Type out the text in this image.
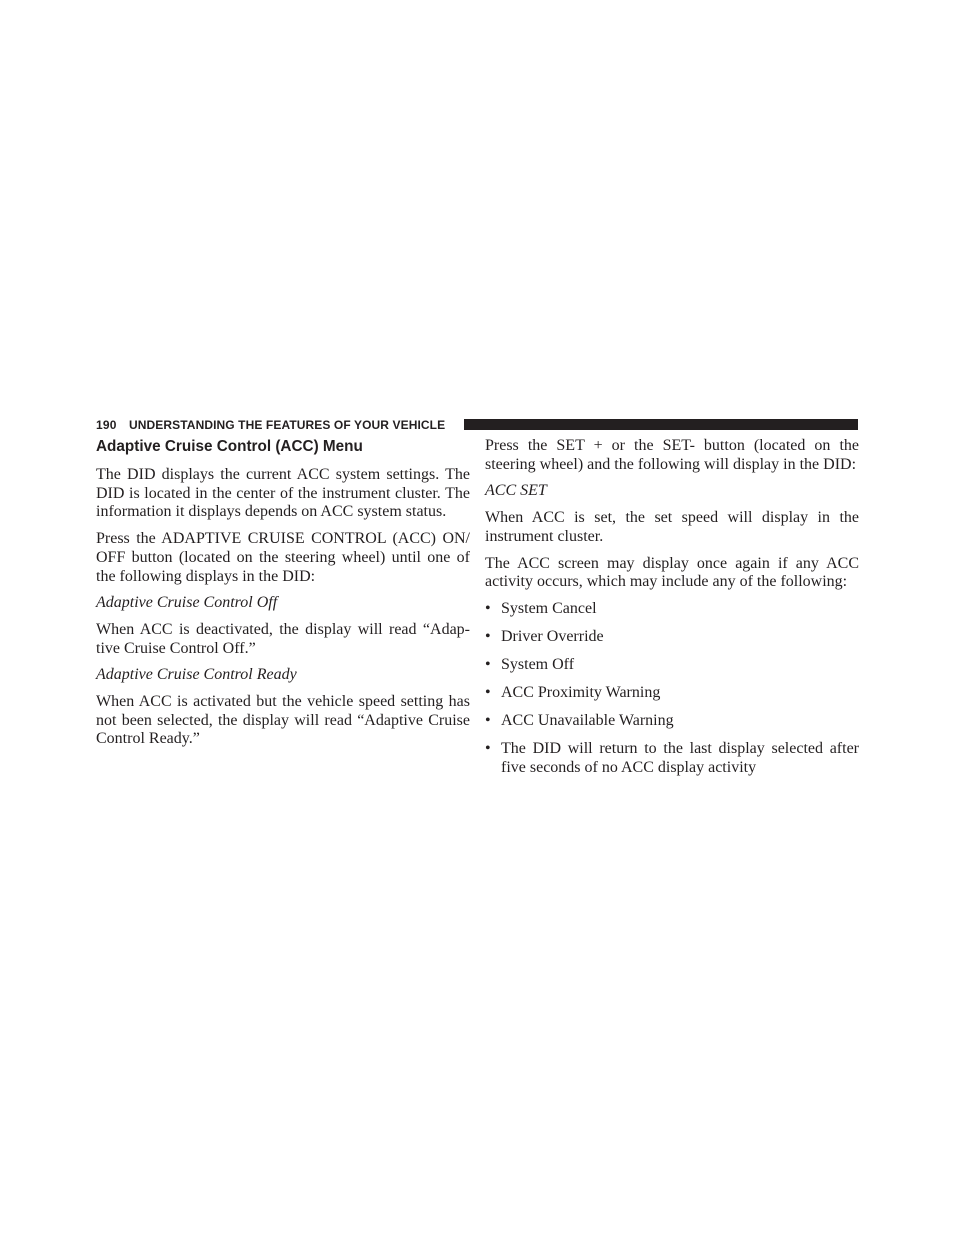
190 UNDERSTANDING THE FEATURES OF YOUR VEHICLE
Adaptive Cruise Control (ACC) Menu

The DID displays the current ACC system settings. The DID is located in the center of the instrument cluster. The information it displays depends on ACC system status.

Press the ADAPTIVE CRUISE CONTROL (ACC) ON/ OFF button (located on the steering wheel) until one of the following displays in the DID:

Adaptive Cruise Control Off

When ACC is deactivated, the display will read “Adap- tive Cruise Control Off.”

Adaptive Cruise Control Ready

When ACC is activated but the vehicle speed setting has not been selected, the display will read “Adaptive Cruise Control Ready.”

Press the SET + or the SET- button (located on the steering wheel) and the following will display in the DID:

ACC SET

When ACC is set, the set speed will display in the instrument cluster.

The ACC screen may display once again if any ACC activity occurs, which may include any of the following:

• System Cancel
• Driver Override
• System Off
• ACC Proximity Warning
• ACC Unavailable Warning
• The DID will return to the last display selected after five seconds of no ACC display activity
